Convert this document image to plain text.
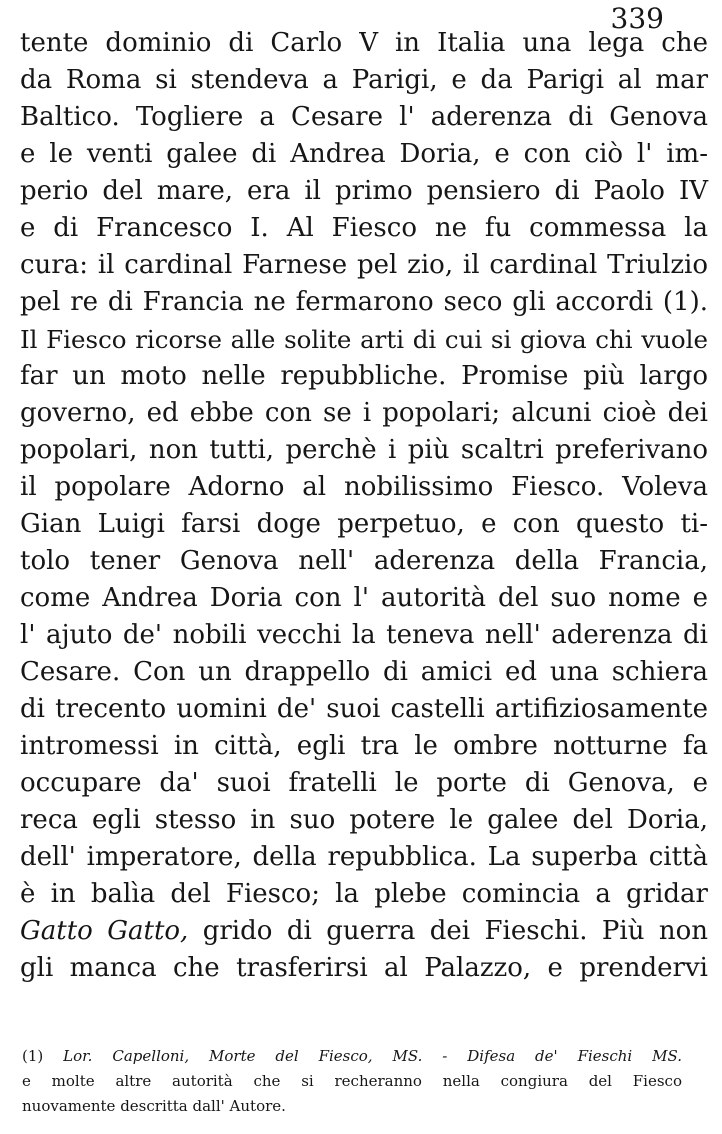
339
tente dominio di Carlo V in Italia una lega che
da Roma si stendeva a Parigi, e da Parigi al mar
Baltico. Togliere a Cesare l' aderenza di Genova
e le venti galee di Andrea Doria, e con ciò l' im-
perio del mare, era il primo pensiero di Paolo IV
e di Francesco I. Al Fiesco ne fu commessa la
cura: il cardinal Farnese pel zio, il cardinal Triulzio
pel re di Francia ne fermarono seco gli accordi (1).
Il Fiesco ricorse alle solite arti di cui si giova chi vuole
far un moto nelle repubbliche. Promise più largo
governo, ed ebbe con se i popolari; alcuni cioè dei
popolari, non tutti, perchè i più scaltri preferivano
il popolare Adorno al nobilissimo Fiesco. Voleva
Gian Luigi farsi doge perpetuo, e con questo ti-
tolo tener Genova nell' aderenza della Francia,
come Andrea Doria con l' autorità del suo nome e
l' ajuto de' nobili vecchi la teneva nell' aderenza di
Cesare. Con un drappello di amici ed una schiera
di trecento uomini de' suoi castelli artifiziosamente
intromessi in città, egli tra le ombre notturne fa
occupare da' suoi fratelli le porte di Genova, e
reca egli stesso in suo potere le galee del Doria,
dell' imperatore, della repubblica. La superba città
è in balìa del Fiesco; la plebe comincia a gridar
Gatto Gatto, grido di guerra dei Fieschi. Più non
gli manca che trasferirsi al Palazzo, e prendervi
(1) Lor. Capelloni, Morte del Fiesco, MS. - Difesa de' Fieschi MS.
e molte altre autorità che si recheranno nella congiura del Fiesco
nuovamente descritta dall' Autore.
